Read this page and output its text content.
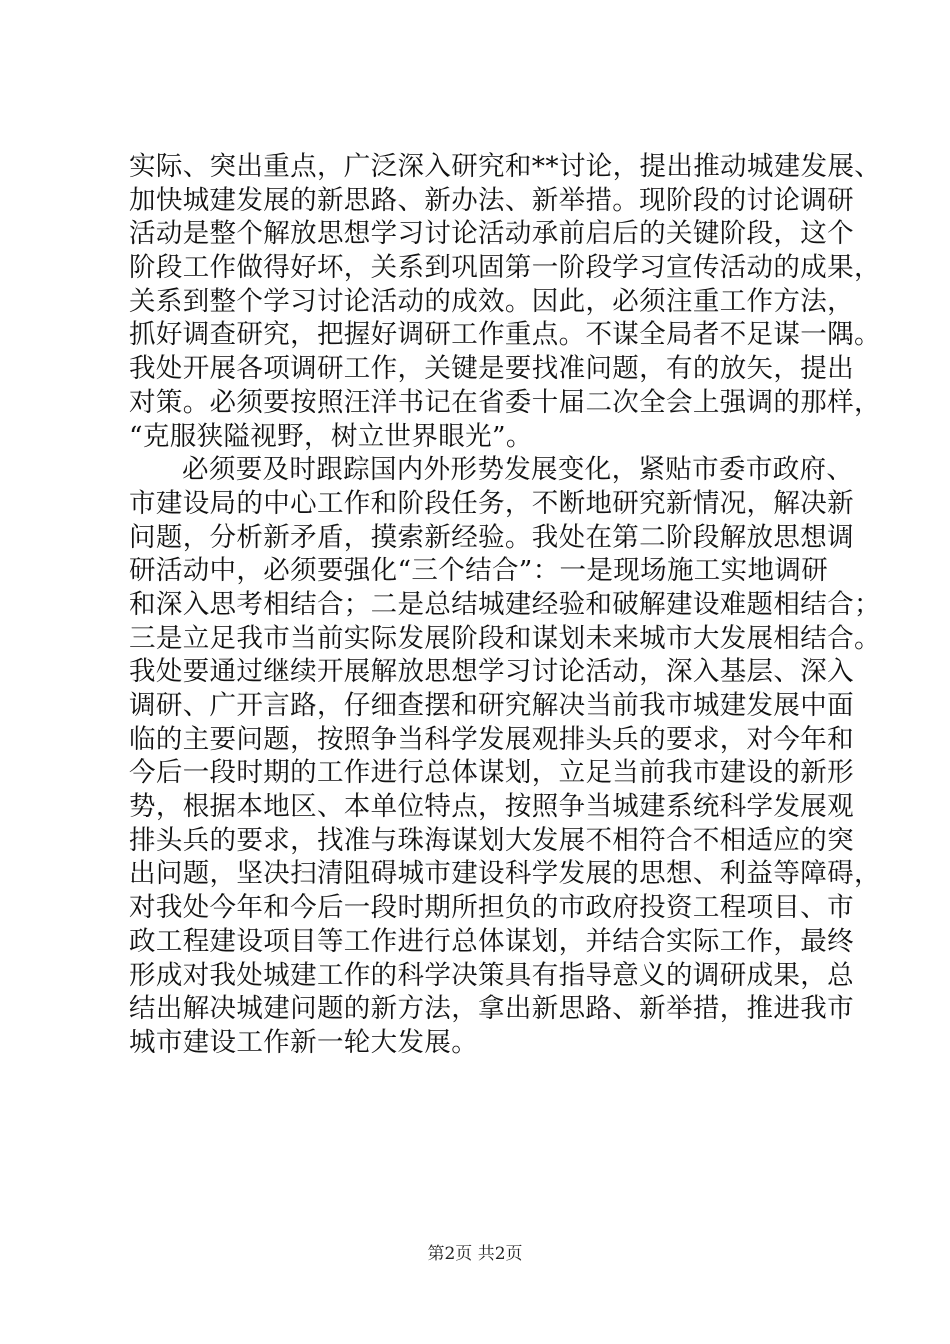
实际、突出重点，广泛深入研究和**讨论，提出推动城建发展、
加快城建发展的新思路、新办法、新举措。现阶段的讨论调研
活动是整个解放思想学习讨论活动承前启后的关键阶段，这个
阶段工作做得好坏，关系到巩固第一阶段学习宣传活动的成果，
关系到整个学习讨论活动的成效。因此，必须注重工作方法，
抓好调查研究，把握好调研工作重点。不谋全局者不足谋一隅。
我处开展各项调研工作，关键是要找准问题，有的放矢，提出
对策。必须要按照汪洋书记在省委十届二次全会上强调的那样，
“克服狭隘视野，树立世界眼光”。
必须要及时跟踪国内外形势发展变化，紧贴市委市政府、
市建设局的中心工作和阶段任务，不断地研究新情况，解决新
问题，分析新矛盾，摸索新经验。我处在第二阶段解放思想调
研活动中，必须要强化“三个结合”：一是现场施工实地调研
和深入思考相结合；二是总结城建经验和破解建设难题相结合；
三是立足我市当前实际发展阶段和谋划未来城市大发展相结合。
我处要通过继续开展解放思想学习讨论活动，深入基层、深入
调研、广开言路，仔细查摆和研究解决当前我市城建发展中面
临的主要问题，按照争当科学发展观排头兵的要求，对今年和
今后一段时期的工作进行总体谋划，立足当前我市建设的新形
势，根据本地区、本单位特点，按照争当城建系统科学发展观
排头兵的要求，找准与珠海谋划大发展不相符合不相适应的突
出问题，坚决扫清阻碍城市建设科学发展的思想、利益等障碍，
对我处今年和今后一段时期所担负的市政府投资工程项目、市
政工程建设项目等工作进行总体谋划，并结合实际工作，最终
形成对我处城建工作的科学决策具有指导意义的调研成果，总
结出解决城建问题的新方法，拿出新思路、新举措，推进我市
城市建设工作新一轮大发展。
第2页 共2页
